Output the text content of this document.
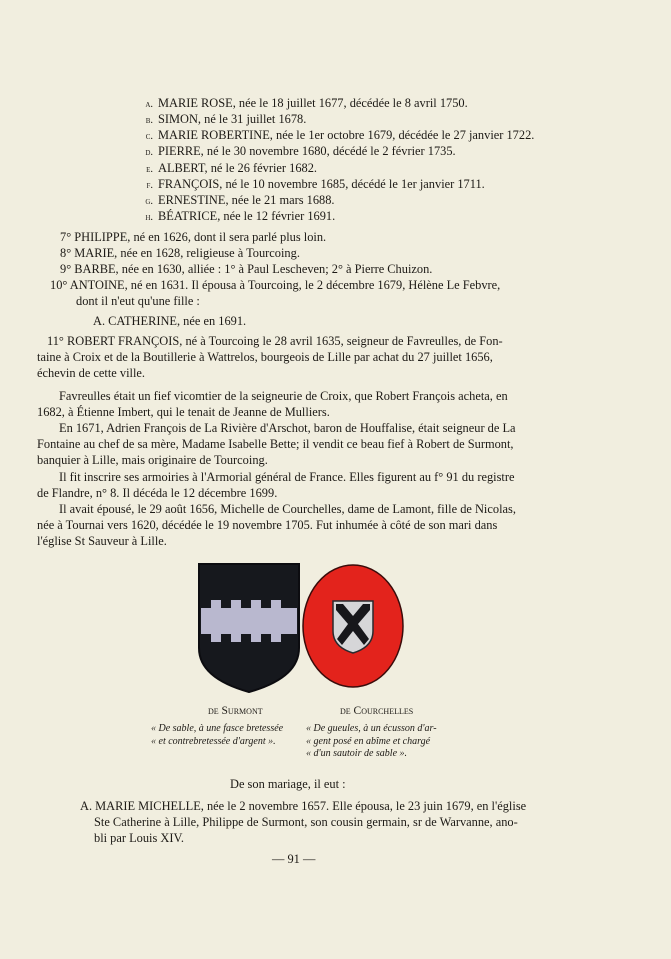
a. MARIE ROSE, née le 18 juillet 1677, décédée le 8 avril 1750.
b. SIMON, né le 31 juillet 1678.
c. MARIE ROBERTINE, née le 1er octobre 1679, décédée le 27 janvier 1722.
d. PIERRE, né le 30 novembre 1680, décédé le 2 février 1735.
e. ALBERT, né le 26 février 1682.
f. FRANÇOIS, né le 10 novembre 1685, décédé le 1er janvier 1711.
g. ERNESTINE, née le 21 mars 1688.
h. BÉATRICE, née le 12 février 1691.
7° PHILIPPE, né en 1626, dont il sera parlé plus loin.
8° MARIE, née en 1628, religieuse à Tourcoing.
9° BARBE, née en 1630, alliée : 1° à Paul Lescheven; 2° à Pierre Chuizon.
10° ANTOINE, né en 1631. Il épousa à Tourcoing, le 2 décembre 1679, Hélène Le Febvre,
dont il n'eut qu'une fille :
A. CATHERINE, née en 1691.
11° ROBERT FRANÇOIS, né à Tourcoing le 28 avril 1635, seigneur de Favreulles, de Fon-
taine à Croix et de la Boutillerie à Wattrelos, bourgeois de Lille par achat du 27 juillet 1656,
échevin de cette ville.
Favreulles était un fief vicomtier de la seigneurie de Croix, que Robert François acheta, en
1682, à Étienne Imbert, qui le tenait de Jeanne de Mulliers.
En 1671, Adrien François de La Rivière d'Arschot, baron de Houffalise, était seigneur de La
Fontaine au chef de sa mère, Madame Isabelle Bette; il vendit ce beau fief à Robert de Surmont,
banquier à Lille, mais originaire de Tourcoing.
Il fit inscrire ses armoiries à l'Armorial général de France. Elles figurent au f° 91 du registre
de Flandre, n° 8. Il décéda le 12 décembre 1699.
Il avait épousé, le 29 août 1656, Michelle de Courchelles, dame de Lamont, fille de Nicolas,
née à Tournai vers 1620, décédée le 19 novembre 1705. Fut inhumée à côté de son mari dans
l'église St Sauveur à Lille.
de Surmont	de Courchelles
« De sable, à une fasce bretessée
« et contrebretessée d'argent ».
« De gueules, à un écusson d'ar-
« gent posé en abîme et chargé
« d'un sautoir de sable ».
De son mariage, il eut :
A. MARIE MICHELLE, née le 2 novembre 1657. Elle épousa, le 23 juin 1679, en l'église
Ste Catherine à Lille, Philippe de Surmont, son cousin germain, sr de Warvanne, ano-
bli par Louis XIV.
— 91 —
